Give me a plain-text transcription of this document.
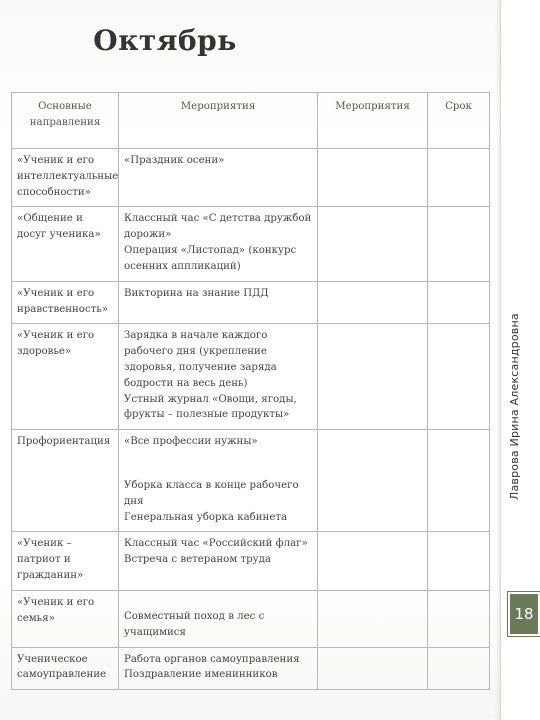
Октябрь
Основные направления	Мероприятия	Мероприятия	Срок
«Ученик и его интеллектуальные способности»	«Праздник осени»		

«Общение и досуг ученика»	Классный час «С детства дружбой дорожи»
Операция «Листопад» (конкурс осенних аппликаций)		

«Ученик и его нравственность»	Викторина на знание ПДД		

«Ученик и его здоровье»	Зарядка в начале каждого рабочего дня (укрепление здоровья, получение заряда бодрости на весь день)
Устный журнал «Овощи, ягоды, фрукты – полезные продукты»		

Профориентация	«Все профессии нужны»
Уборка класса в конце рабочего дня
Генеральная уборка кабинета		

«Ученик – патриот и гражданин»	Классный час «Российский флаг»
Встреча с ветераном труда		

«Ученик и его семья»	Совместный поход в лес с учащимися		

Ученическое самоуправление	Работа органов самоуправления
Поздравление именинников		

Лаврова Ирина Александровна
18
